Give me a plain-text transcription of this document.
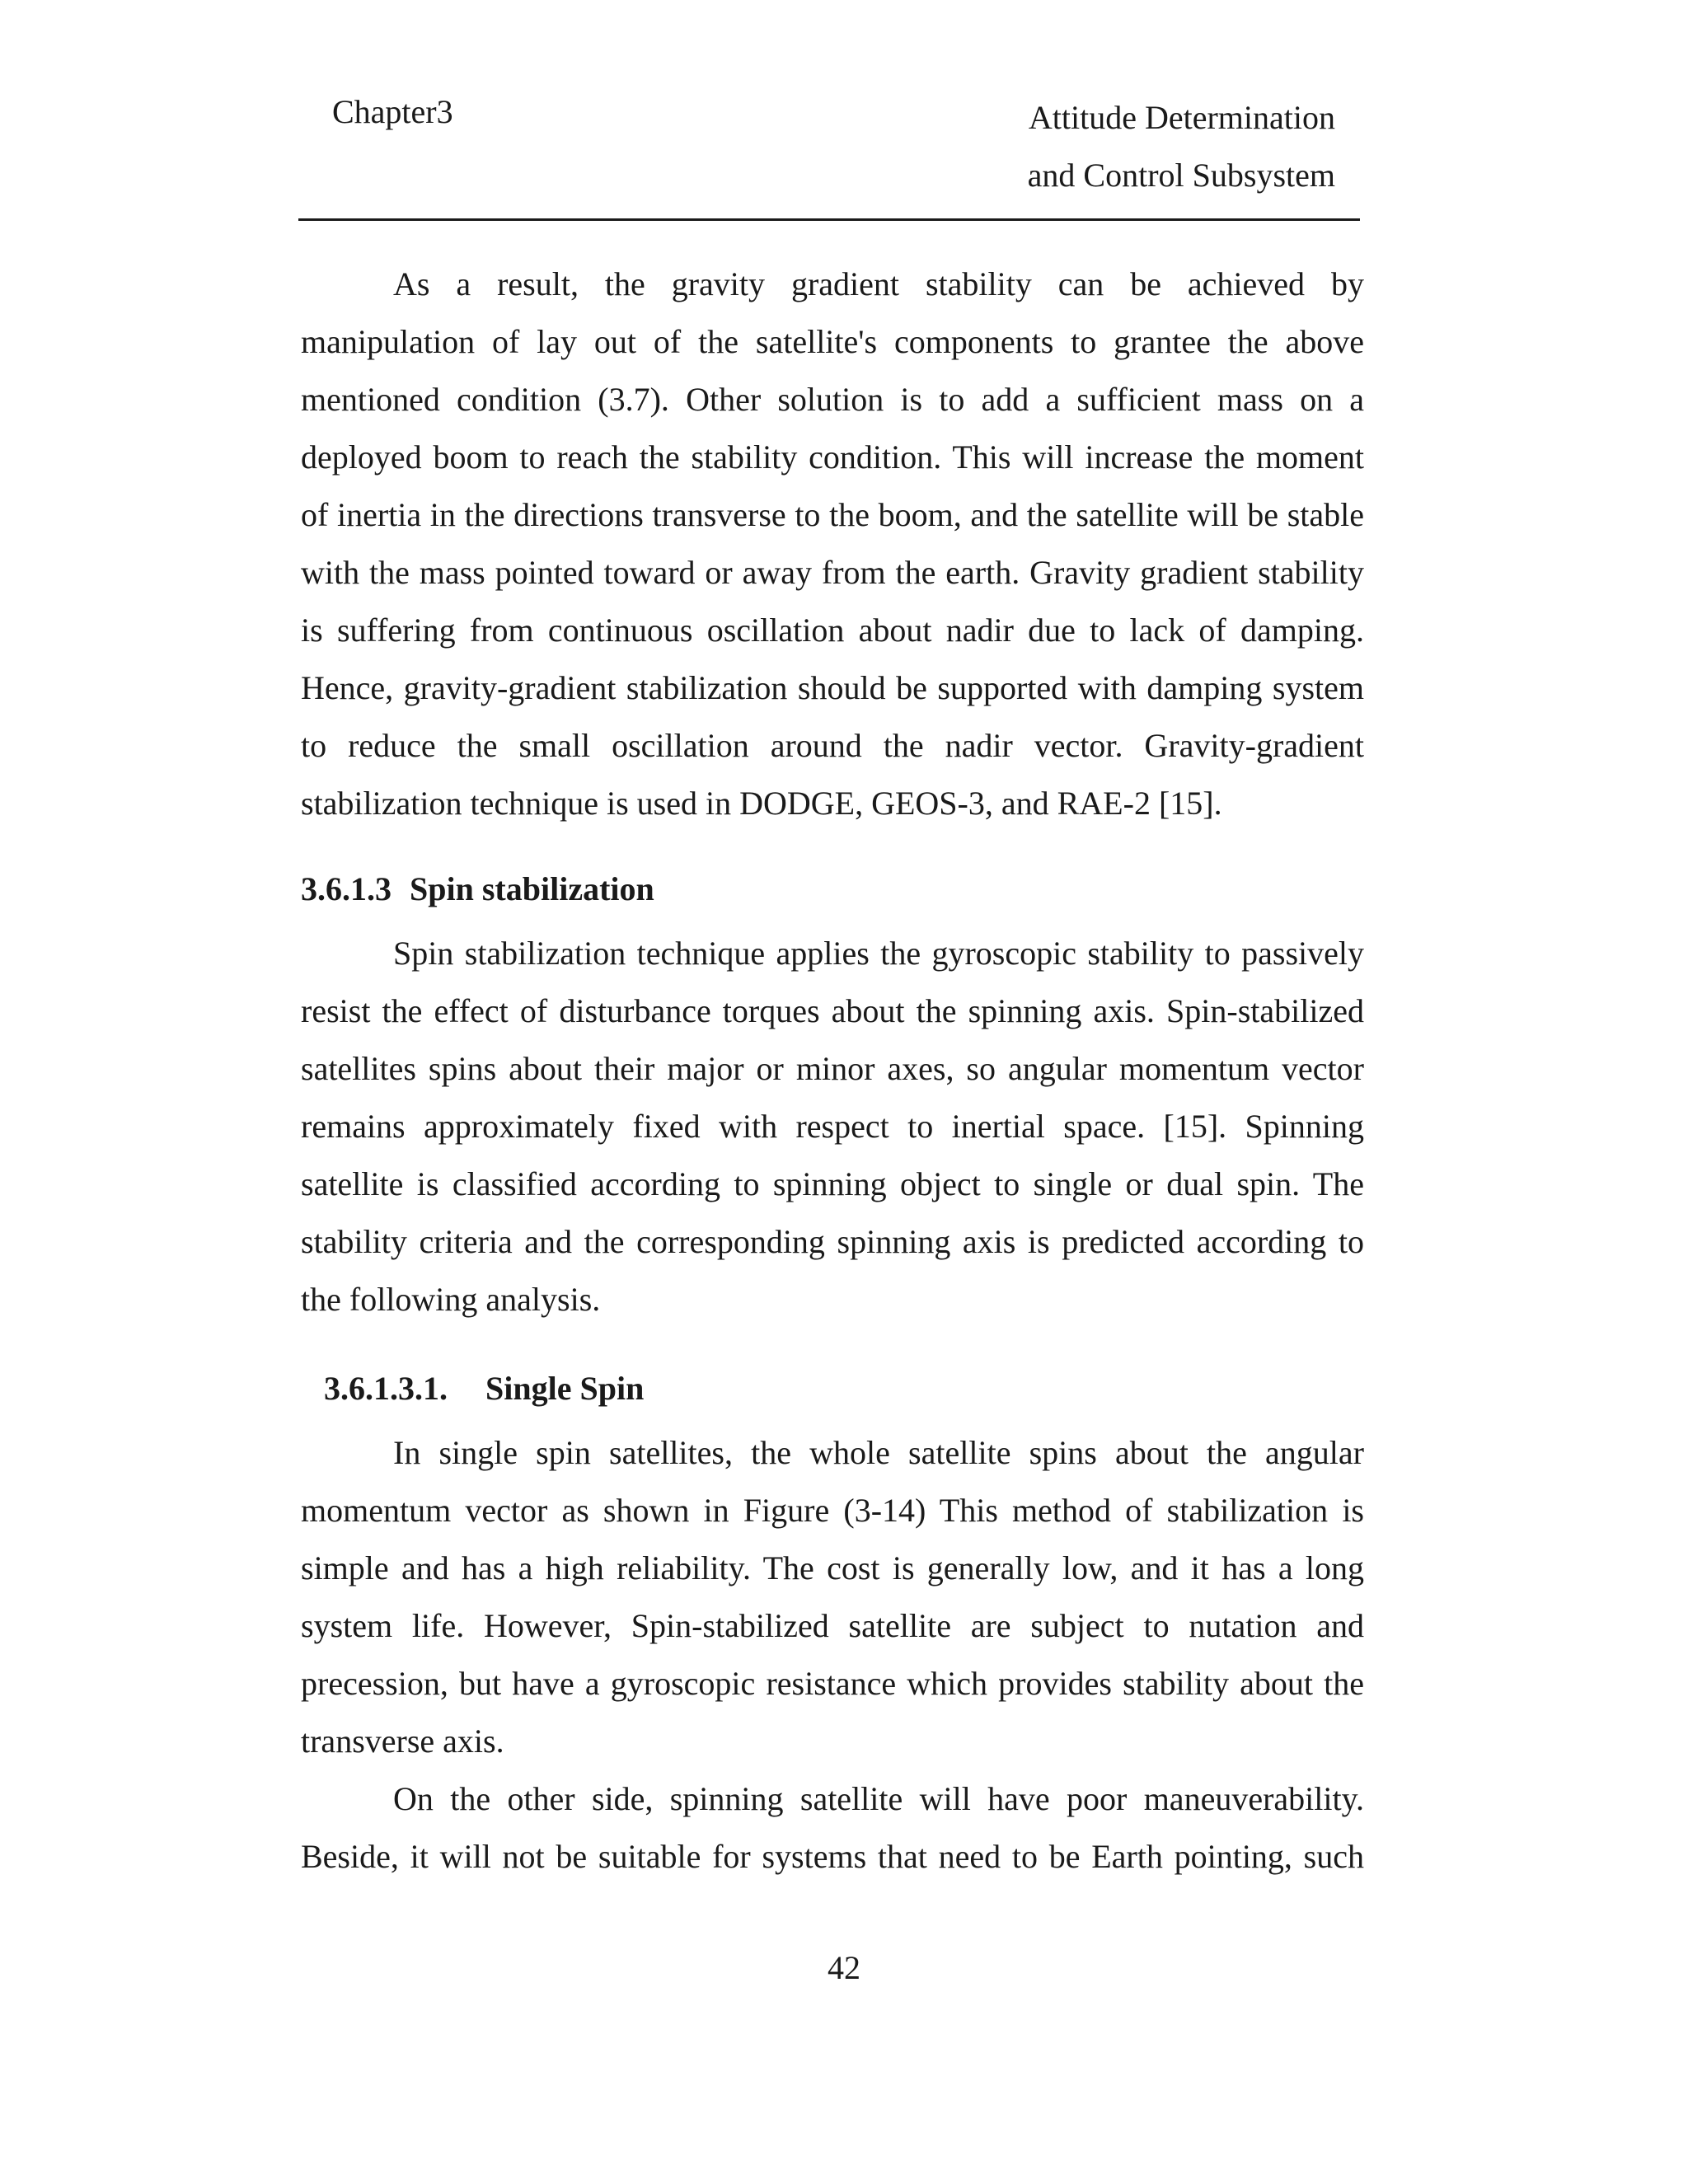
Chapter3	Attitude Determination
and Control Subsystem

As a result, the gravity gradient stability can be achieved by manipulation of lay out of the satellite's components to grantee the above mentioned condition (3.7). Other solution is to add a sufficient mass on a deployed boom to reach the stability condition. This will increase the moment of inertia in the directions transverse to the boom, and the satellite will be stable with the mass pointed toward or away from the earth. Gravity gradient stability is suffering from continuous oscillation about nadir due to lack of damping. Hence, gravity-gradient stabilization should be supported with damping system to reduce the small oscillation around the nadir vector. Gravity-gradient stabilization technique is used in DODGE, GEOS-3, and RAE-2 [15].

3.6.1.3 Spin stabilization

Spin stabilization technique applies the gyroscopic stability to passively resist the effect of disturbance torques about the spinning axis. Spin-stabilized satellites spins about their major or minor axes, so angular momentum vector remains approximately fixed with respect to inertial space. [15]. Spinning satellite is classified according to spinning object to single or dual spin. The stability criteria and the corresponding spinning axis is predicted according to the following analysis.

3.6.1.3.1. Single Spin

In single spin satellites, the whole satellite spins about the angular momentum vector as shown in Figure (3-14) This method of stabilization is simple and has a high reliability. The cost is generally low, and it has a long system life. However, Spin-stabilized satellite are subject to nutation and precession, but have a gyroscopic resistance which provides stability about the transverse axis.

On the other side, spinning satellite will have poor maneuverability. Beside, it will not be suitable for systems that need to be Earth pointing, such

42
